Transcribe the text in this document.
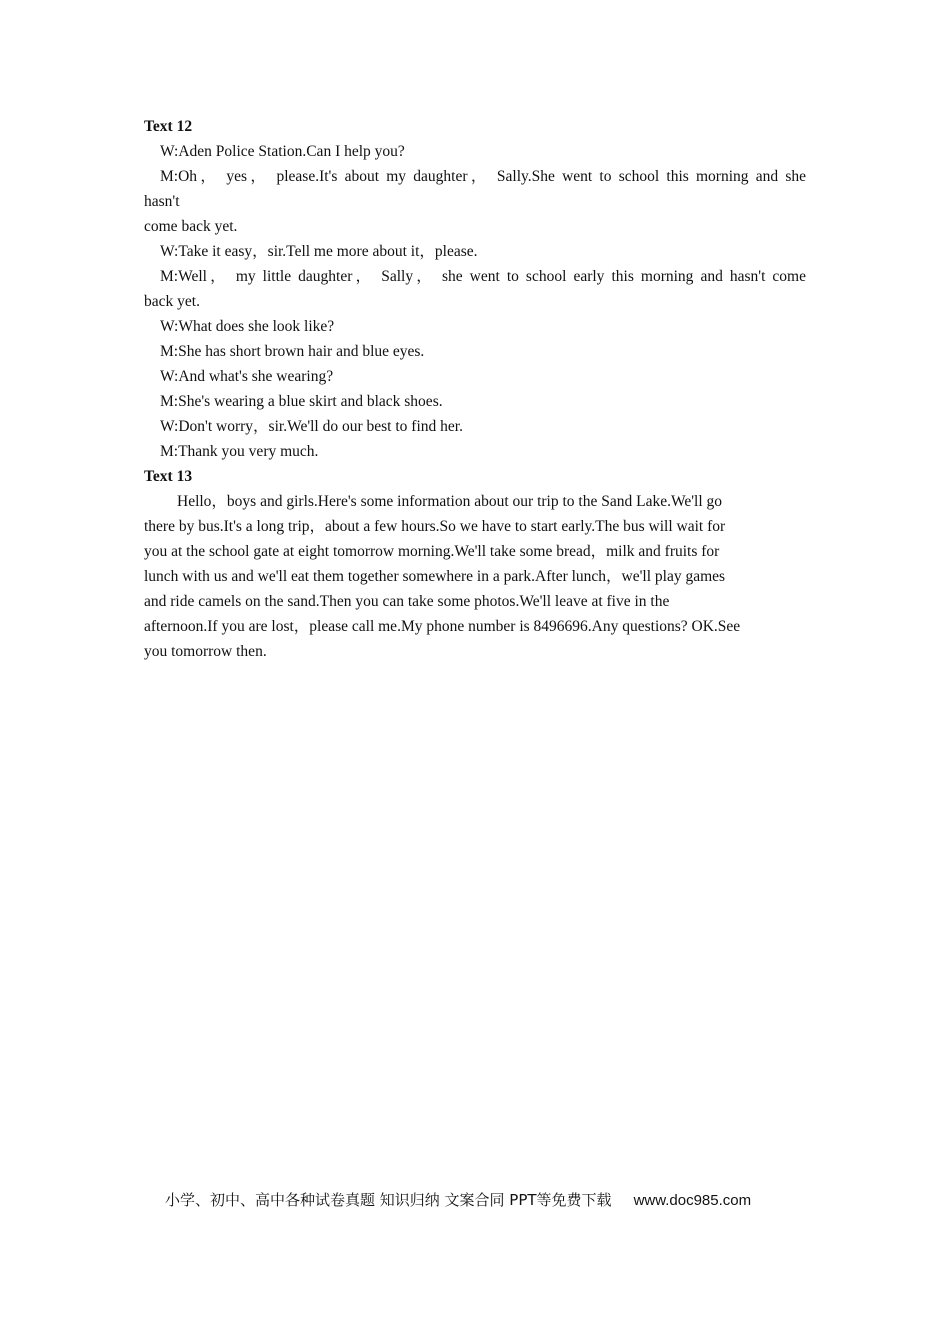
Text 12
W:Aden Police Station.Can I help you?
M:Oh， yes， please.It's about my daughter， Sally.She went to school this morning and she
hasn't
come back yet.
W:Take it easy，sir.Tell me more about it，please.
M:Well， my little daughter， Sally， she went to school early this morning and hasn't come
back yet.
W:What does she look like?
M:She has short brown hair and blue eyes.
W:And what's she wearing?
M:She's wearing a blue skirt and black shoes.
W:Don't worry，sir.We'll do our best to find her.
M:Thank you very much.
Text 13
Hello，boys and girls.Here's some information about our trip to the Sand Lake.We'll go
there by bus.It's a long trip，about a few hours.So we have to start early.The bus will wait for
you at the school gate at eight tomorrow morning.We'll take some bread，milk and fruits for
lunch with us and we'll eat them together somewhere in a park.After lunch，we'll play games
and ride camels on the sand.Then you can take some photos.We'll leave at five in the
afternoon.If you are lost，please call me.My phone number is 8496696.Any questions? OK.See
you tomorrow then.
小学、初中、高中各种试卷真题 知识归纳 文案合同 PPT等免费下载 www.doc985.com
